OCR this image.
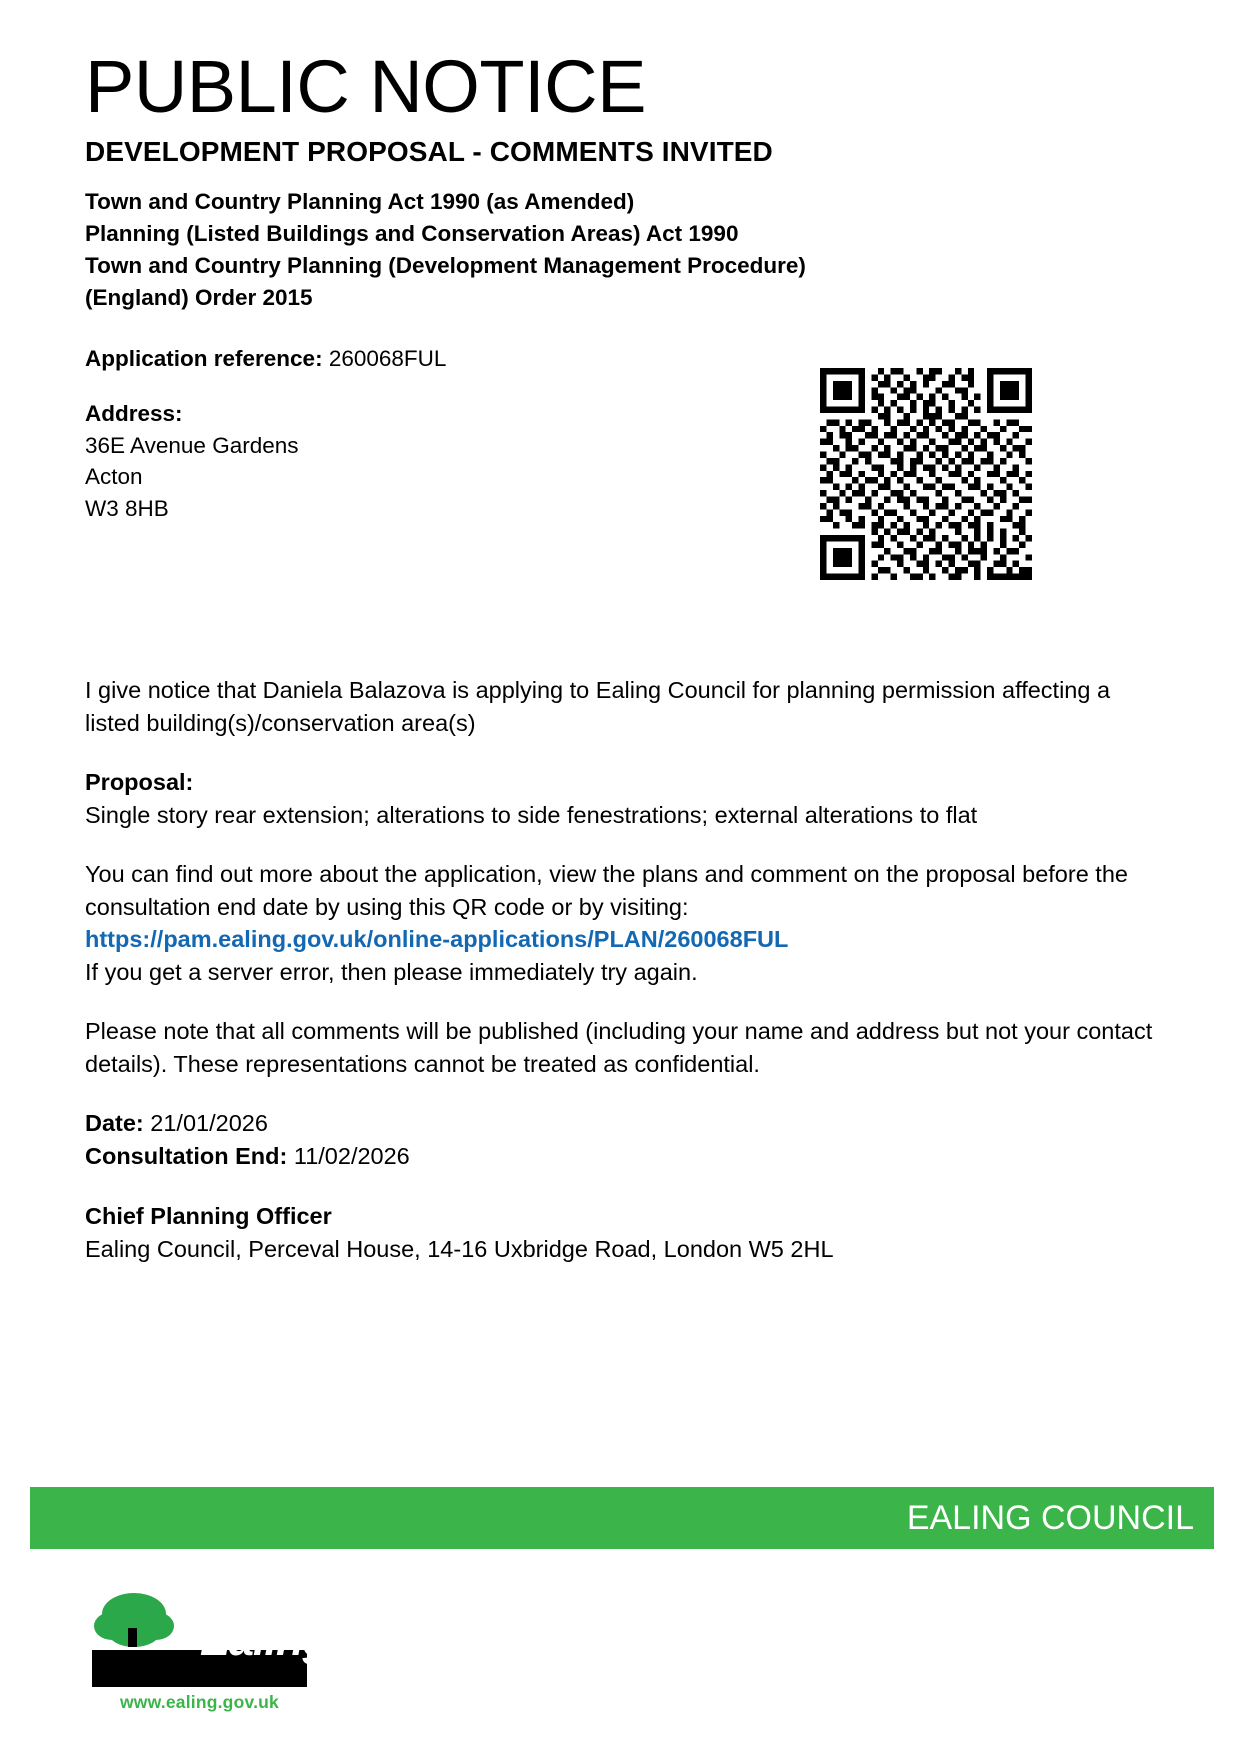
PUBLIC NOTICE
DEVELOPMENT PROPOSAL - COMMENTS INVITED
Town and Country Planning Act 1990 (as Amended)
Planning (Listed Buildings and Conservation Areas) Act 1990
Town and Country Planning (Development Management Procedure)
(England) Order 2015
Application reference: 260068FUL
Address:
36E Avenue Gardens
Acton
W3 8HB

I give notice that Daniela Balazova is applying to Ealing Council for planning permission affecting a listed building(s)/conservation area(s)

Proposal:
Single story rear extension; alterations to side fenestrations; external alterations to flat
You can find out more about the application, view the plans and comment on the proposal before the consultation end date by using this QR code or by visiting:
https://pam.ealing.gov.uk/online-applications/PLAN/260068FUL
If you get a server error, then please immediately try again.

Please note that all comments will be published (including your name and address but not your contact details). These representations cannot be treated as confidential.

Date: 21/01/2026
Consultation End: 11/02/2026
Chief Planning Officer
Ealing Council, Perceval House, 14-16 Uxbridge Road, London W5 2HL
EALING COUNCIL
Ealing
www.ealing.gov.uk
